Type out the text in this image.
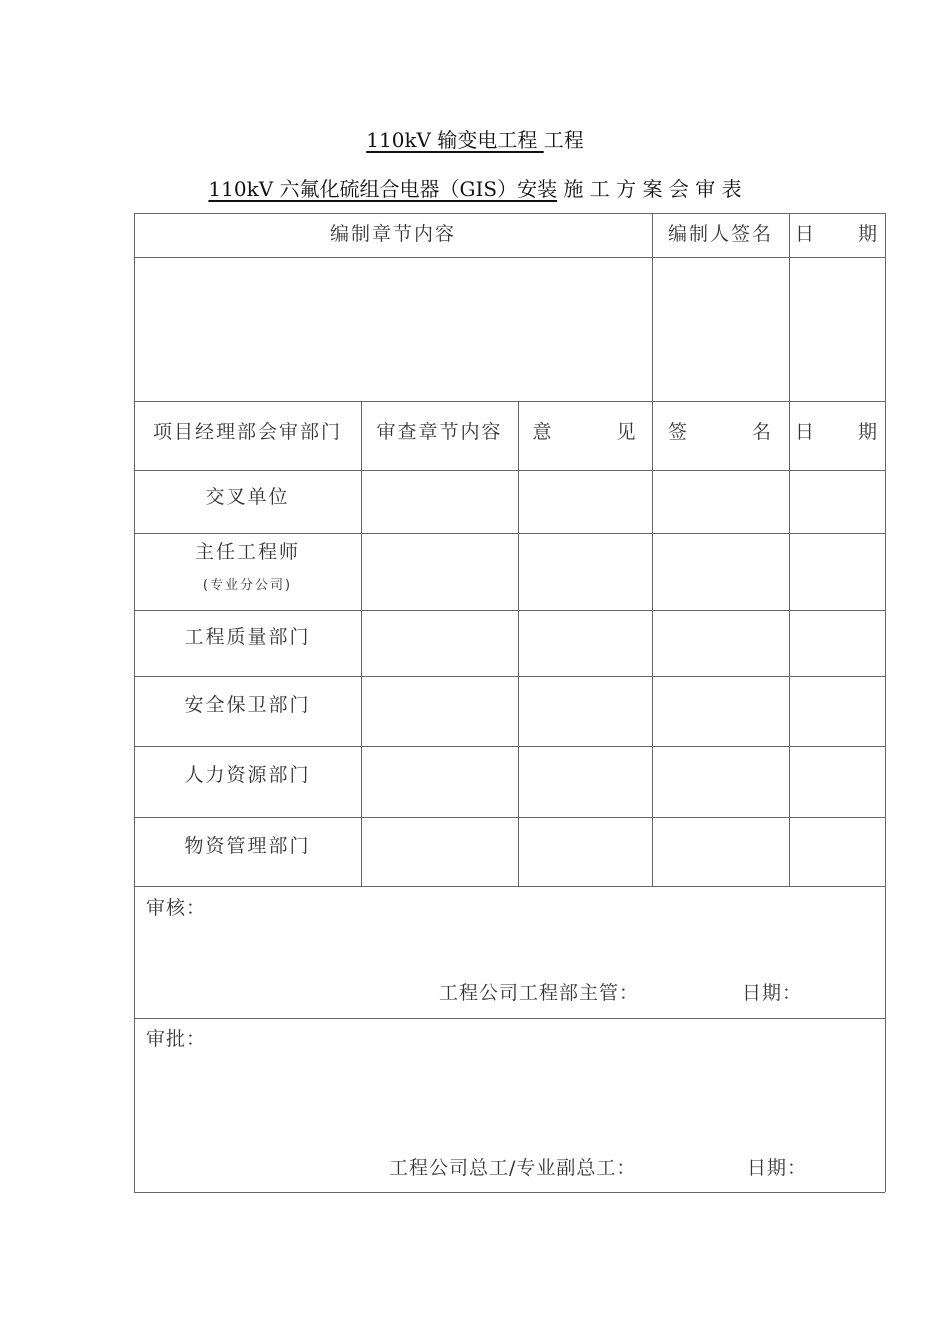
110kV 输变电工程 工程
110kV 六氟化硫组合电器（GIS）安装 施 工 方 案 会 审 表
编制章节内容	编制人签名	日　　期
项目经理部会审部门	审查章节内容	意　　　见	签　　　名	日　　期
交叉单位
主任工程师
(专业分公司)
工程质量部门
安全保卫部门
人力资源部门
物资管理部门
审核：
工程公司工程部主管：	日期：
审批：
工程公司总工/专业副总工：	日期：
